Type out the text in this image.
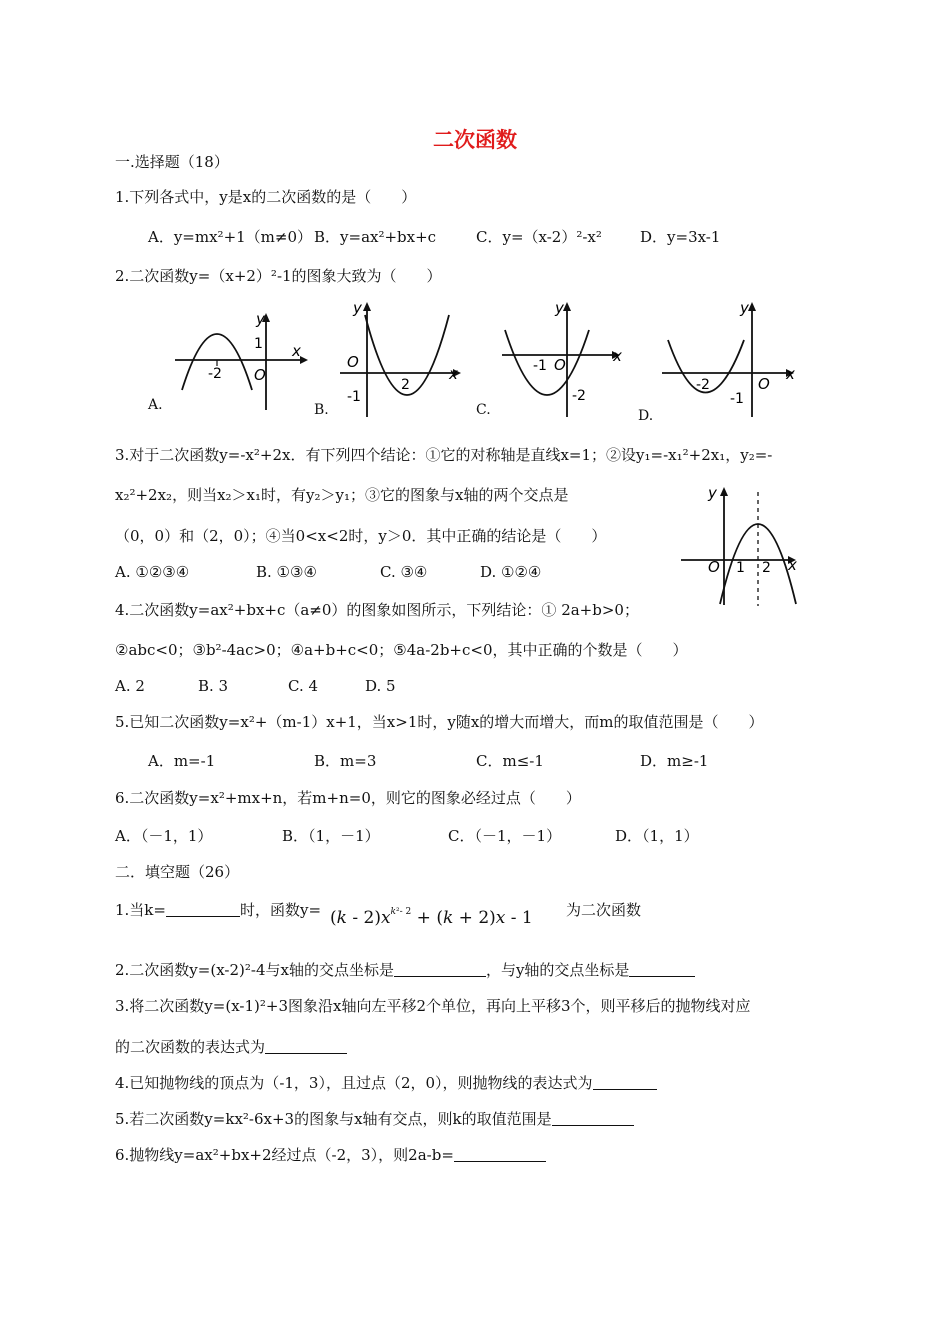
二次函数
一.选择题（18）
1.下列各式中，y是x的二次函数的是（　　）
A．y=mx²+1（m≠0） B．y=ax²+bx+c	C．y=（x-2）²-x²	D．y=3x-1
2.二次函数y=（x+2）²-1的图象大致为（　　）
x
y
O
-2
1
A.
x
y
O
2
-1
B.
x
y
O
-1
-2
C.
x
y
O
-2
-1
D.
3.对于二次函数y=-x²+2x．有下列四个结论：①它的对称轴是直线x=1；②设y₁=-x₁²+2x₁，y₂=-
x₂²+2x₂，则当x₂＞x₁时，有y₂＞y₁；③它的图象与x轴的两个交点是
（0，0）和（2，0）；④当0<x<2时，y＞0．其中正确的结论是（　　）
A. ①②③④	B. ①③④	C. ③④	D. ①②④	x
y
O 1 2
4.二次函数y=ax²+bx+c（a≠0）的图象如图所示，下列结论：① 2a+b>0；
②abc<0；③b²-4ac>0；④a+b+c<0；⑤4a-2b+c<0，其中正确的个数是（　　）
A. 2	B. 3	C. 4	D. 5
5.已知二次函数y=x²+（m-1）x+1，当x>1时，y随x的增大而增大，而m的取值范围是（　　）
A．m=-1	B．m=3	C．m≤-1	D．m≥-1
6.二次函数y=x²+mx+n，若m+n=0，则它的图象必经过点（　　）
A．（－1，1）	B．（1，－1）	C．（－1，－1）	D．（1，1）
二．填空题（26）
1.当k=	时，函数$y= (k - 2)x^{k^2- 2} + (k + 2)x - 1$ 为二次函数
2.二次函数y=(x-2)²-4与x轴的交点坐标是	，与y轴的交点坐标是
3.将二次函数y=(x-1)²+3图象沿x轴向左平移2个单位，再向上平移3个，则平移后的抛物线对应
的二次函数的表达式为
4.已知抛物线的顶点为（-1，3），且过点（2，0），则抛物线的表达式为
5.若二次函数y=kx²-6x+3的图象与x轴有交点，则k的取值范围是
6.抛物线y=ax²+bx+2经过点（-2，3），则2a-b=
